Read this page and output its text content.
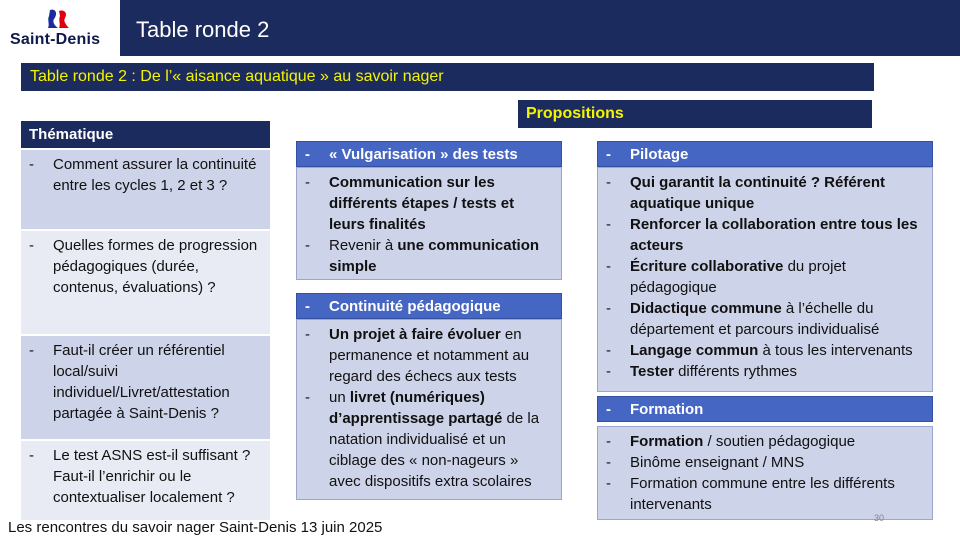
Saint-Denis Table ronde 2
Table ronde 2 : De l’« aisance aquatique » au savoir nager
Propositions
Thématique
-	Comment assurer la continuité entre les cycles 1, 2 et 3 ?
-	Quelles formes de progression pédagogiques (durée, contenus, évaluations) ?
-	Faut-il créer un référentiel local/suivi individuel/Livret/attestation partagée à Saint-Denis ?
-	Le test ASNS est-il suffisant ? Faut-il l’enrichir ou le contextualiser localement ?
-	« Vulgarisation » des tests
-	Communication sur les différents étapes / tests et leurs finalités
-	Revenir à une communication simple
-	Continuité pédagogique
-	Un projet à faire évoluer en permanence et notamment au regard des échecs aux tests
-	un livret (numériques) d’apprentissage partagé de la natation individualisé et un ciblage des « non-nageurs » avec dispositifs extra scolaires
-	Pilotage
-	Qui garantit la continuité ? Référent aquatique unique
-	Renforcer la collaboration entre tous les acteurs
-	Écriture collaborative du projet pédagogique
-	Didactique commune à l’échelle du département et parcours individualisé
-	Langage commun à tous les intervenants
-	Tester différents rythmes
-	Formation
-	Formation / soutien pédagogique
-	Binôme enseignant / MNS
-	Formation commune entre les différents intervenants
30
Les rencontres du savoir nager Saint-Denis 13 juin 2025
